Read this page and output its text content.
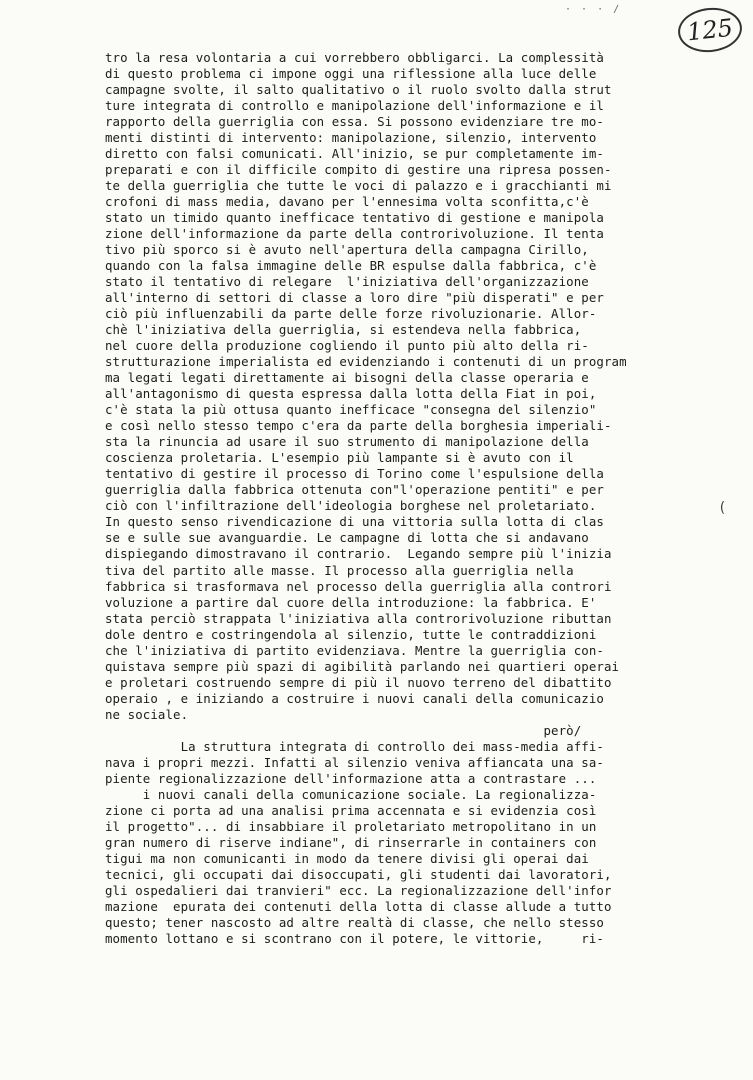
· · · /
125
tro la resa volontaria a cui vorrebbero obbligarci. La complessità
di questo problema ci impone oggi una riflessione alla luce delle
campagne svolte, il salto qualitativo o il ruolo svolto dalla strut
ture integrata di controllo e manipolazione dell'informazione e il
rapporto della guerriglia con essa. Si possono evidenziare tre mo-
menti distinti di intervento: manipolazione, silenzio, intervento
diretto con falsi comunicati. All'inizio, se pur completamente im-
preparati e con il difficile compito di gestire una ripresa possen-
te della guerriglia che tutte le voci di palazzo e i gracchianti mi
crofoni di mass media, davano per l'ennesima volta sconfitta,c'è
stato un timido quanto inefficace tentativo di gestione e manipola
zione dell'informazione da parte della controrivoluzione. Il tenta
tivo più sporco si è avuto nell'apertura della campagna Cirillo,
quando con la falsa immagine delle BR espulse dalla fabbrica, c'è
stato il tentativo di relegare  l'iniziativa dell'organizzazione
all'interno di settori di classe a loro dire "più disperati" e per
ciò più influenzabili da parte delle forze rivoluzionarie. Allor-
chè l'iniziativa della guerriglia, si estendeva nella fabbrica,
nel cuore della produzione cogliendo il punto più alto della ri-
strutturazione imperialista ed evidenziando i contenuti di un program
ma legati legati direttamente ai bisogni della classe operaria e
all'antagonismo di questa espressa dalla lotta della Fiat in poi,
c'è stata la più ottusa quanto inefficace "consegna del silenzio"
e così nello stesso tempo c'era da parte della borghesia imperiali-
sta la rinuncia ad usare il suo strumento di manipolazione della
coscienza proletaria. L'esempio più lampante si è avuto con il
tentativo di gestire il processo di Torino come l'espulsione della
guerriglia dalla fabbrica ottenuta con"l'operazione pentiti" e per
ciò con l'infiltrazione dell'ideologia borghese nel proletariato.
In questo senso rivendicazione di una vittoria sulla lotta di clas
se e sulle sue avanguardie. Le campagne di lotta che si andavano
dispiegando dimostravano il contrario.  Legando sempre più l'inizia
tiva del partito alle masse. Il processo alla guerriglia nella
fabbrica si trasformava nel processo della guerriglia alla controri
voluzione a partire dal cuore della introduzione: la fabbrica. E'
stata perciò strappata l'iniziativa alla controrivoluzione ributtan
dole dentro e costringendola al silenzio, tutte le contraddizioni
che l'iniziativa di partito evidenziava. Mentre la guerriglia con-
quistava sempre più spazi di agibilità parlando nei quartieri operai
e proletari costruendo sempre di più il nuovo terreno del dibattito
operaio , e iniziando a costruire i nuovi canali della comunicazio
ne sociale.
però/
La struttura integrata di controllo dei mass-media affi-
nava i propri mezzi. Infatti al silenzio veniva affiancata una sa-
piente regionalizzazione dell'informazione atta a contrastare ...
i nuovi canali della comunicazione sociale. La regionalizza-
zione ci porta ad una analisi prima accennata e si evidenzia così
il progetto"... di insabbiare il proletariato metropolitano in un
gran numero di riserve indiane", di rinserrarle in containers con
tigui ma non comunicanti in modo da tenere divisi gli operai dai
tecnici, gli occupati dai disoccupati, gli studenti dai lavoratori,
gli ospedalieri dai tranvieri" ecc. La regionalizzazione dell'infor
mazione  epurata dei contenuti della lotta di classe allude a tutto
questo; tener nascosto ad altre realtà di classe, che nello stesso
momento lottano e si scontrano con il potere, le vittorie,     ri-
(
